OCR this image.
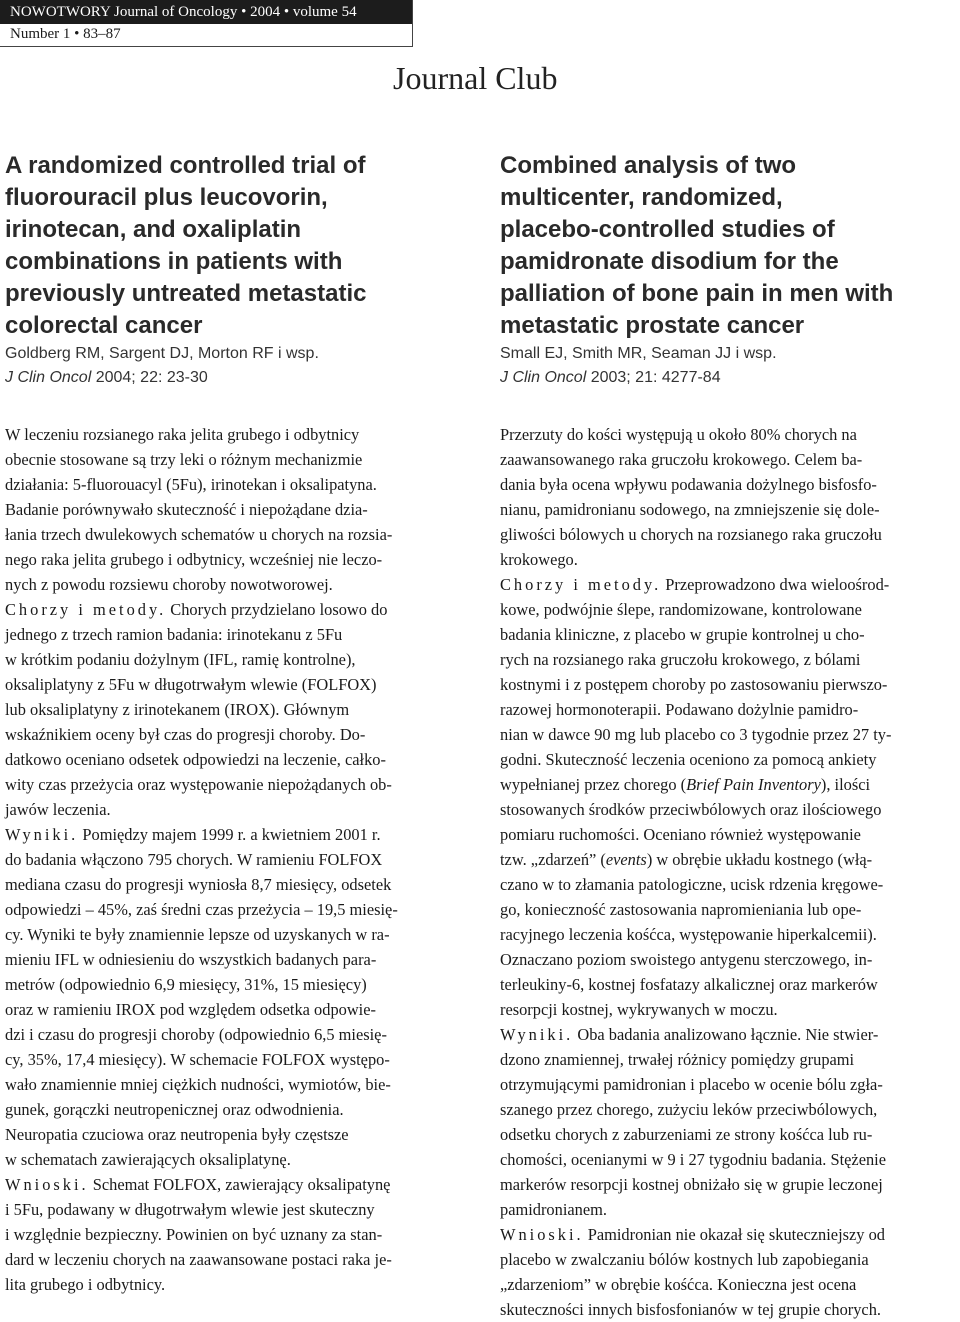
NOWOTWORY Journal of Oncology • 2004 • volume 54
Number 1 • 83–87
Journal Club
A randomized controlled trial of
fluorouracil plus leucovorin,
irinotecan, and oxaliplatin
combinations in patients with
previously untreated metastatic
colorectal cancer
Goldberg RM, Sargent DJ, Morton RF i wsp.
J Clin Oncol 2004; 22: 23-30
W leczeniu rozsianego raka jelita grubego i odbytnicy
obecnie stosowane są trzy leki o różnym mechanizmie
działania: 5-fluorouacyl (5Fu), irinotekan i oksalipatyna.
Badanie porównywało skuteczność i niepożądane dzia-
łania trzech dwulekowych schematów u chorych na rozsia-
nego raka jelita grubego i odbytnicy, wcześniej nie leczo-
nych z powodu rozsiewu choroby nowotworowej.
Chorzy i metody. Chorych przydzielano losowo do
jednego z trzech ramion badania: irinotekanu z 5Fu
w krótkim podaniu dożylnym (IFL, ramię kontrolne),
oksaliplatyny z 5Fu w długotrwałym wlewie (FOLFOX)
lub oksaliplatyny z irinotekanem (IROX). Głównym
wskaźnikiem oceny był czas do progresji choroby. Do-
datkowo oceniano odsetek odpowiedzi na leczenie, całko-
wity czas przeżycia oraz występowanie niepożądanych ob-
jawów leczenia.
Wyniki. Pomiędzy majem 1999 r. a kwietniem 2001 r.
do badania włączono 795 chorych. W ramieniu FOLFOX
mediana czasu do progresji wyniosła 8,7 miesięcy, odsetek
odpowiedzi – 45%, zaś średni czas przeżycia – 19,5 miesię-
cy. Wyniki te były znamiennie lepsze od uzyskanych w ra-
mieniu IFL w odniesieniu do wszystkich badanych para-
metrów (odpowiednio 6,9 miesięcy, 31%, 15 miesięcy)
oraz w ramieniu IROX pod względem odsetka odpowie-
dzi i czasu do progresji choroby (odpowiednio 6,5 miesię-
cy, 35%, 17,4 miesięcy). W schemacie FOLFOX występo-
wało znamiennie mniej ciężkich nudności, wymiotów, bie-
gunek, gorączki neutropenicznej oraz odwodnienia.
Neuropatia czuciowa oraz neutropenia były częstsze
w schematach zawierających oksaliplatynę.
Wnioski. Schemat FOLFOX, zawierający oksalipatynę
i 5Fu, podawany w długotrwałym wlewie jest skuteczny
i względnie bezpieczny. Powinien on być uznany za stan-
dard w leczeniu chorych na zaawansowane postaci raka je-
lita grubego i odbytnicy.
Combined analysis of two
multicenter, randomized,
placebo-controlled studies of
pamidronate disodium for the
palliation of bone pain in men with
metastatic prostate cancer
Small EJ, Smith MR, Seaman JJ i wsp.
J Clin Oncol 2003; 21: 4277-84
Przerzuty do kości występują u około 80% chorych na
zaawansowanego raka gruczołu krokowego. Celem ba-
dania była ocena wpływu podawania dożylnego bisfosfo-
nianu, pamidronianu sodowego, na zmniejszenie się dole-
gliwości bólowych u chorych na rozsianego raka gruczołu
krokowego.
Chorzy i metody. Przeprowadzono dwa wieloośrod-
kowe, podwójnie ślepe, randomizowane, kontrolowane
badania kliniczne, z placebo w grupie kontrolnej u cho-
rych na rozsianego raka gruczołu krokowego, z bólami
kostnymi i z postępem choroby po zastosowaniu pierwszo-
razowej hormonoterapii. Podawano dożylnie pamidro-
nian w dawce 90 mg lub placebo co 3 tygodnie przez 27 ty-
godni. Skuteczność leczenia oceniono za pomocą ankiety
wypełnianej przez chorego (Brief Pain Inventory), ilości
stosowanych środków przeciwbólowych oraz ilościowego
pomiaru ruchomości. Oceniano również występowanie
tzw. „zdarzeń” (events) w obrębie układu kostnego (włą-
czano w to złamania patologiczne, ucisk rdzenia kręgowe-
go, konieczność zastosowania napromieniania lub ope-
racyjnego leczenia kośćca, występowanie hiperkalcemii).
Oznaczano poziom swoistego antygenu sterczowego, in-
terleukiny-6, kostnej fosfatazy alkalicznej oraz markerów
resorpcji kostnej, wykrywanych w moczu.
Wyniki. Oba badania analizowano łącznie. Nie stwier-
dzono znamiennej, trwałej różnicy pomiędzy grupami
otrzymującymi pamidronian i placebo w ocenie bólu zgła-
szanego przez chorego, zużyciu leków przeciwbólowych,
odsetku chorych z zaburzeniami ze strony kośćca lub ru-
chomości, ocenianymi w 9 i 27 tygodniu badania. Stężenie
markerów resorpcji kostnej obniżało się w grupie leczonej
pamidronianem.
Wnioski. Pamidronian nie okazał się skuteczniejszy od
placebo w zwalczaniu bólów kostnych lub zapobiegania
„zdarzeniom” w obrębie kośćca. Konieczna jest ocena
skuteczności innych bisfosfonianów w tej grupie chorych.
